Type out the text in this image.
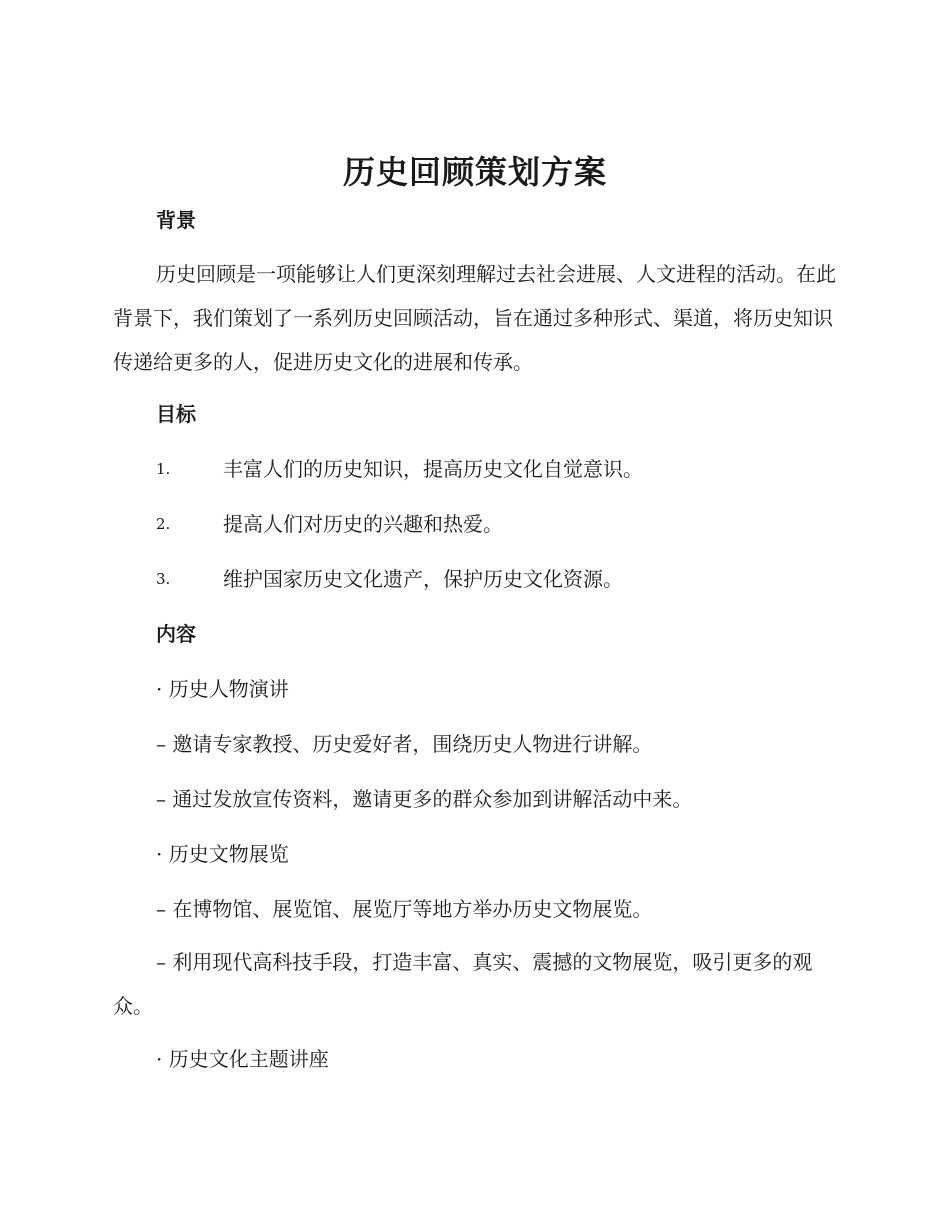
历史回顾策划方案
背景

历史回顾是一项能够让人们更深刻理解过去社会进展、人文进程的活动。在此背景下，我们策划了一系列历史回顾活动，旨在通过多种形式、渠道，将历史知识传递给更多的人，促进历史文化的进展和传承。

目标
1.	丰富人们的历史知识，提高历史文化自觉意识。
2.	提高人们对历史的兴趣和热爱。
3.	维护国家历史文化遗产，保护历史文化资源。
内容
· 历史人物演讲
– 邀请专家教授、历史爱好者，围绕历史人物进行讲解。
– 通过发放宣传资料，邀请更多的群众参加到讲解活动中来。
· 历史文物展览
– 在博物馆、展览馆、展览厅等地方举办历史文物展览。

– 利用现代高科技手段，打造丰富、真实、震撼的文物展览，吸引更多的观众。

· 历史文化主题讲座
